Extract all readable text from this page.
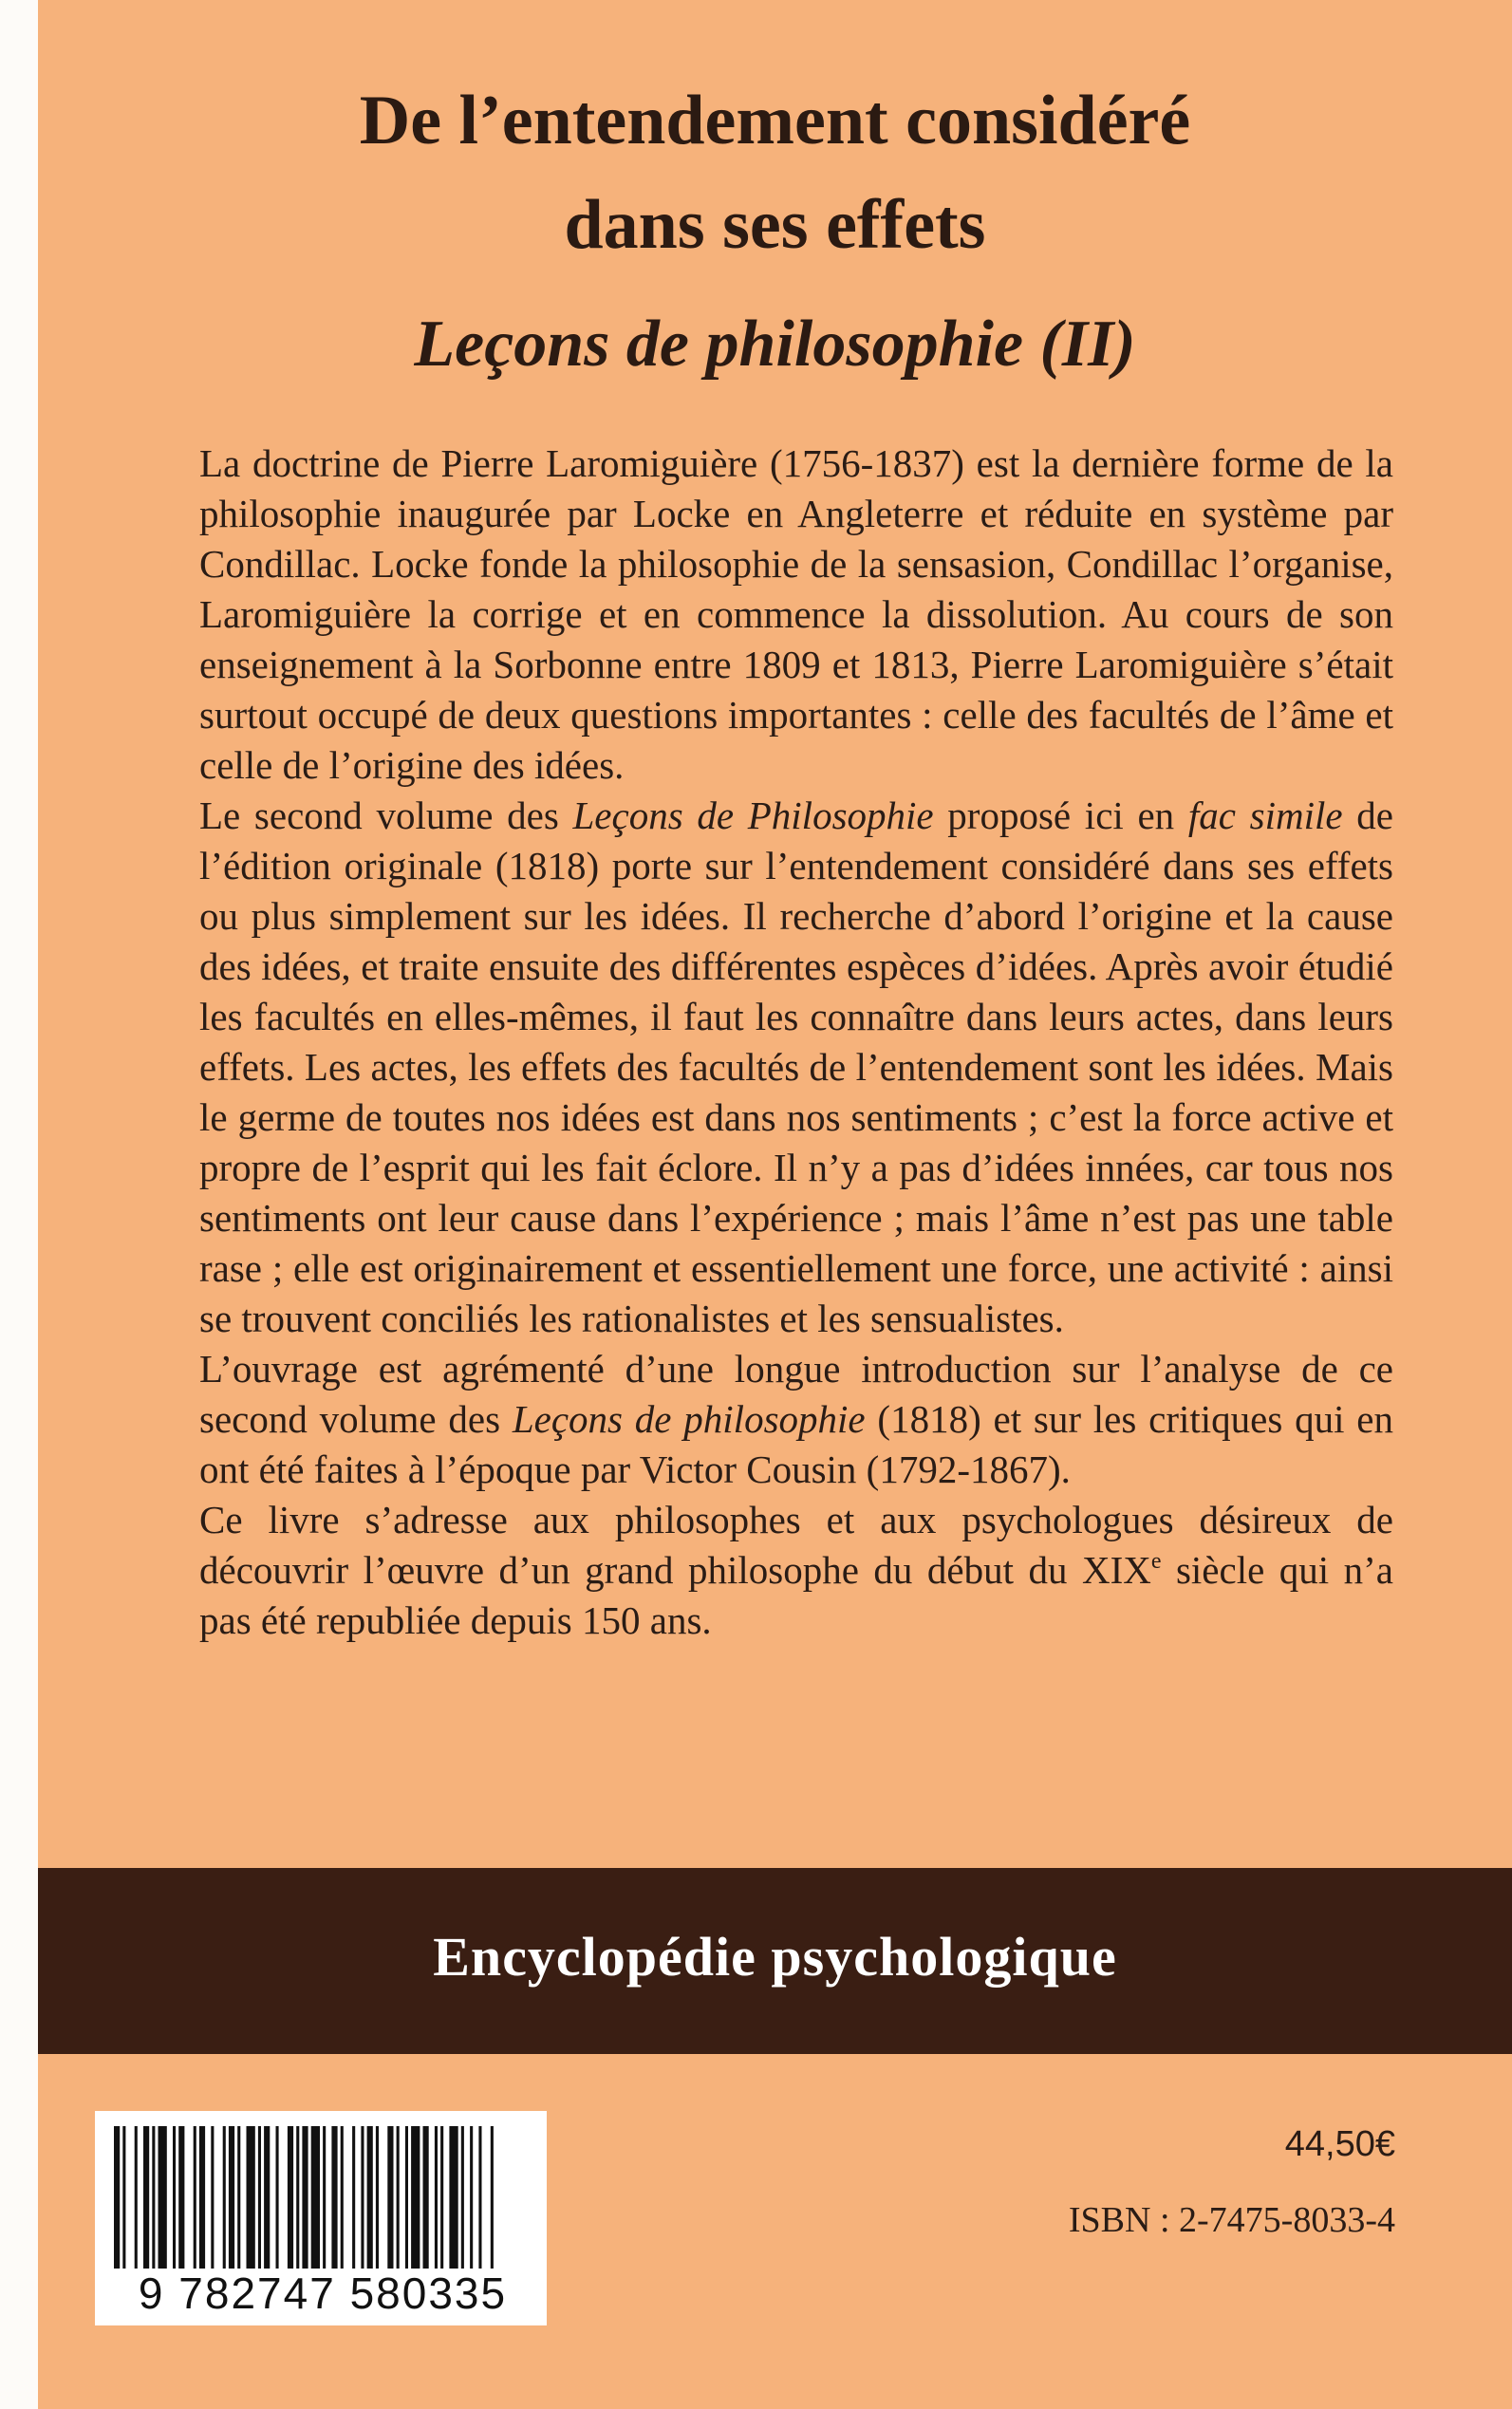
De l’entendement considéré
dans ses effets
Leçons de philosophie (II)

La doctrine de Pierre Laromiguière (1756-1837) est la dernière forme de la philosophie inaugurée par Locke en Angleterre et réduite en système par Condillac. Locke fonde la philosophie de la sensasion, Condillac l’organise, Laromiguière la corrige et en commence la dissolution. Au cours de son enseignement à la Sorbonne entre 1809 et 1813, Pierre Laromiguière s’était surtout occupé de deux questions importantes : celle des facultés de l’âme et celle de l’origine des idées.

Le second volume des Leçons de Philosophie proposé ici en fac simile de l’édition originale (1818) porte sur l’entendement considéré dans ses effets ou plus simplement sur les idées. Il recherche d’abord l’origine et la cause des idées, et traite ensuite des différentes espèces d’idées. Après avoir étudié les facultés en elles-mêmes, il faut les connaître dans leurs actes, dans leurs effets. Les actes, les effets des facultés de l’entendement sont les idées. Mais le germe de toutes nos idées est dans nos sentiments ; c’est la force active et propre de l’esprit qui les fait éclore. Il n’y a pas d’idées innées, car tous nos sentiments ont leur cause dans l’expérience ; mais l’âme n’est pas une table rase ; elle est originairement et essentiellement une force, une activité : ainsi se trouvent conciliés les rationalistes et les sensualistes.

L’ouvrage est agrémenté d’une longue introduction sur l’analyse de ce second volume des Leçons de philosophie (1818) et sur les critiques qui en ont été faites à l’époque par Victor Cousin (1792-1867).

Ce livre s’adresse aux philosophes et aux psychologues désireux de découvrir l’œuvre d’un grand philosophe du début du XIXe siècle qui n’a pas été republiée depuis 150 ans.

Encyclopédie psychologique
9 782747 580335
44,50€
ISBN : 2-7475-8033-4
